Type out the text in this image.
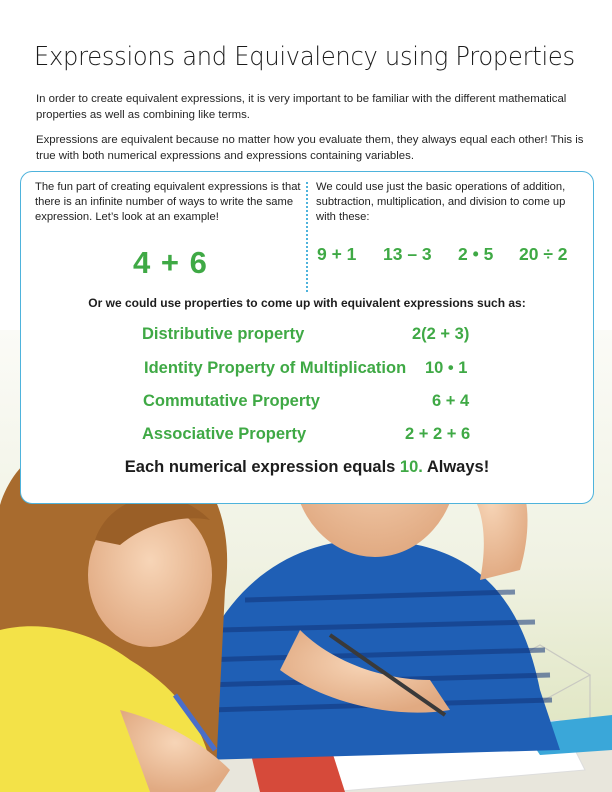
Expressions and Equivalency using Properties

In order to create equivalent expressions, it is very important to be familiar with the different mathematical properties as well as combining like terms.

Expressions are equivalent because no matter how you evaluate them, they always equal each other! This is true with both numerical expressions and expressions containing variables.

The fun part of creating equivalent expressions is that there is an infinite number of ways to write the same expression. Let’s look at an example!

We could use just the basic operations of addition, subtraction, multiplication, and division to come up with these:

4 + 6	9 + 1 13 – 3 2 • 5 20 ÷ 2
Or we could use properties to come up with equivalent expressions such as:
Distributive property	2(2 + 3)
Identity Property of Multiplication 10 • 1
Commutative Property	6 + 4
Associative Property	2 + 2 + 6
Each numerical expression equals 10. Always!
